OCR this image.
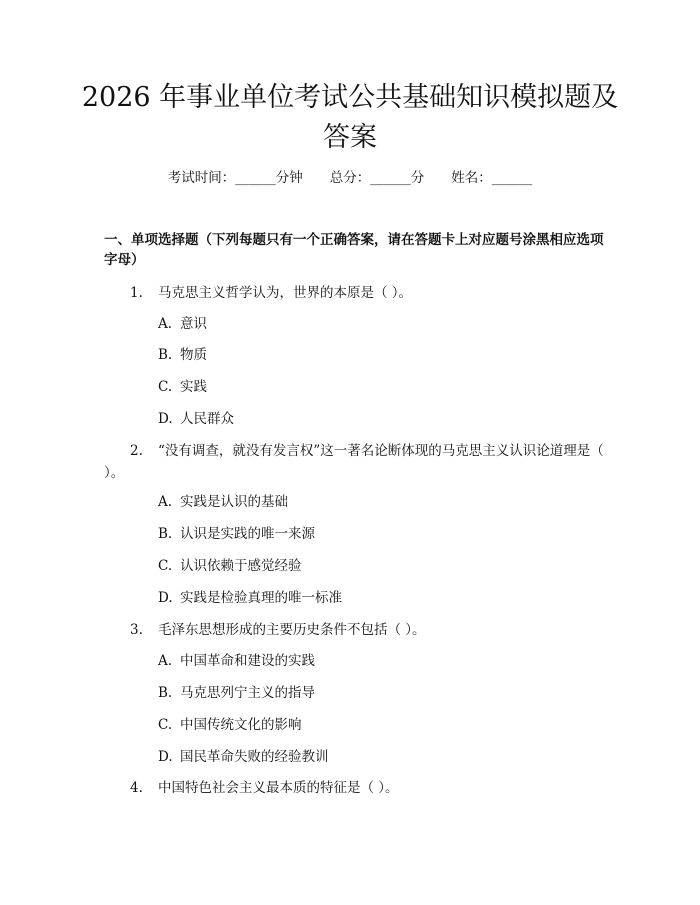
2026 年事业单位考试公共基础知识模拟题及答案
考试时间：______分钟　　总分：______分　　姓名：______
一、单项选择题（下列每题只有一个正确答案，请在答题卡上对应题号涂黑相应选项字母）

1. 马克思主义哲学认为，世界的本原是（ ）。

A. 意识

B. 物质

C. 实践

D. 人民群众

2. “没有调查，就没有发言权”这一著名论断体现的马克思主义认识论道理是（ ）。

A. 实践是认识的基础

B. 认识是实践的唯一来源

C. 认识依赖于感觉经验

D. 实践是检验真理的唯一标准

3. 毛泽东思想形成的主要历史条件不包括（ ）。

A. 中国革命和建设的实践

B. 马克思列宁主义的指导

C. 中国传统文化的影响

D. 国民革命失败的经验教训

4. 中国特色社会主义最本质的特征是（ ）。
